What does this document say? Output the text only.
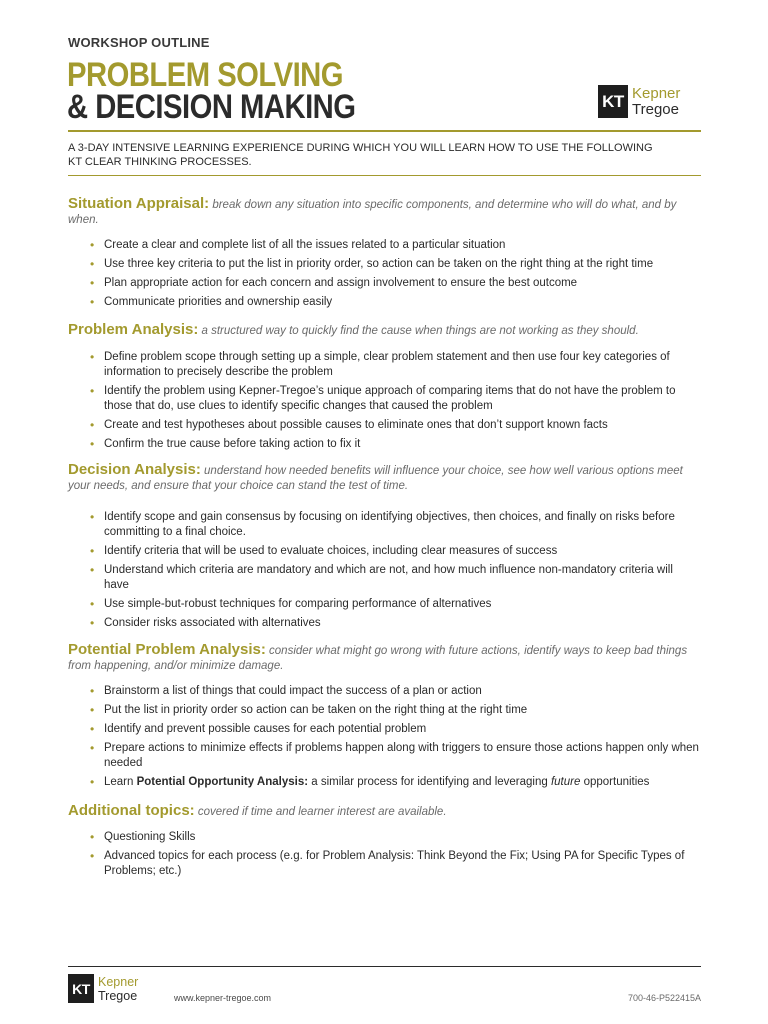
WORKSHOP OUTLINE
PROBLEM SOLVING
& DECISION MAKING	KT Kepner
Tregoe
A 3-DAY INTENSIVE LEARNING EXPERIENCE DURING WHICH YOU WILL LEARN HOW TO USE THE FOLLOWING KT CLEAR THINKING PROCESSES.
Situation Appraisal: break down any situation into specific components, and determine who will do what, and by when.
• Create a clear and complete list of all the issues related to a particular situation
• Use three key criteria to put the list in priority order, so action can be taken on the right thing at the right time
• Plan appropriate action for each concern and assign involvement to ensure the best outcome
• Communicate priorities and ownership easily
Problem Analysis: a structured way to quickly find the cause when things are not working as they should.
• Define problem scope through setting up a simple, clear problem statement and then use four key categories of information to precisely describe the problem
• Identify the problem using Kepner-Tregoe’s unique approach of comparing items that do not have the problem to those that do, use clues to identify specific changes that caused the problem
• Create and test hypotheses about possible causes to eliminate ones that don’t support known facts
• Confirm the true cause before taking action to fix it
Decision Analysis: understand how needed benefits will influence your choice, see how well various options meet your needs, and ensure that your choice can stand the test of time.
• Identify scope and gain consensus by focusing on identifying objectives, then choices, and finally on risks before committing to a final choice.
• Identify criteria that will be used to evaluate choices, including clear measures of success
• Understand which criteria are mandatory and which are not, and how much influence non-mandatory criteria will have
• Use simple-but-robust techniques for comparing performance of alternatives
• Consider risks associated with alternatives
Potential Problem Analysis: consider what might go wrong with future actions, identify ways to keep bad things from happening, and/or minimize damage.
• Brainstorm a list of things that could impact the success of a plan or action
• Put the list in priority order so action can be taken on the right thing at the right time
• Identify and prevent possible causes for each potential problem
• Prepare actions to minimize effects if problems happen along with triggers to ensure those actions happen only when needed
• Learn Potential Opportunity Analysis: a similar process for identifying and leveraging future opportunities
Additional topics: covered if time and learner interest are available.
• Questioning Skills
• Advanced topics for each process (e.g. for Problem Analysis: Think Beyond the Fix; Using PA for Specific Types of Problems; etc.)
KT Kepner
Tregoe	www.kepner-tregoe.com	700-46-P522415A
